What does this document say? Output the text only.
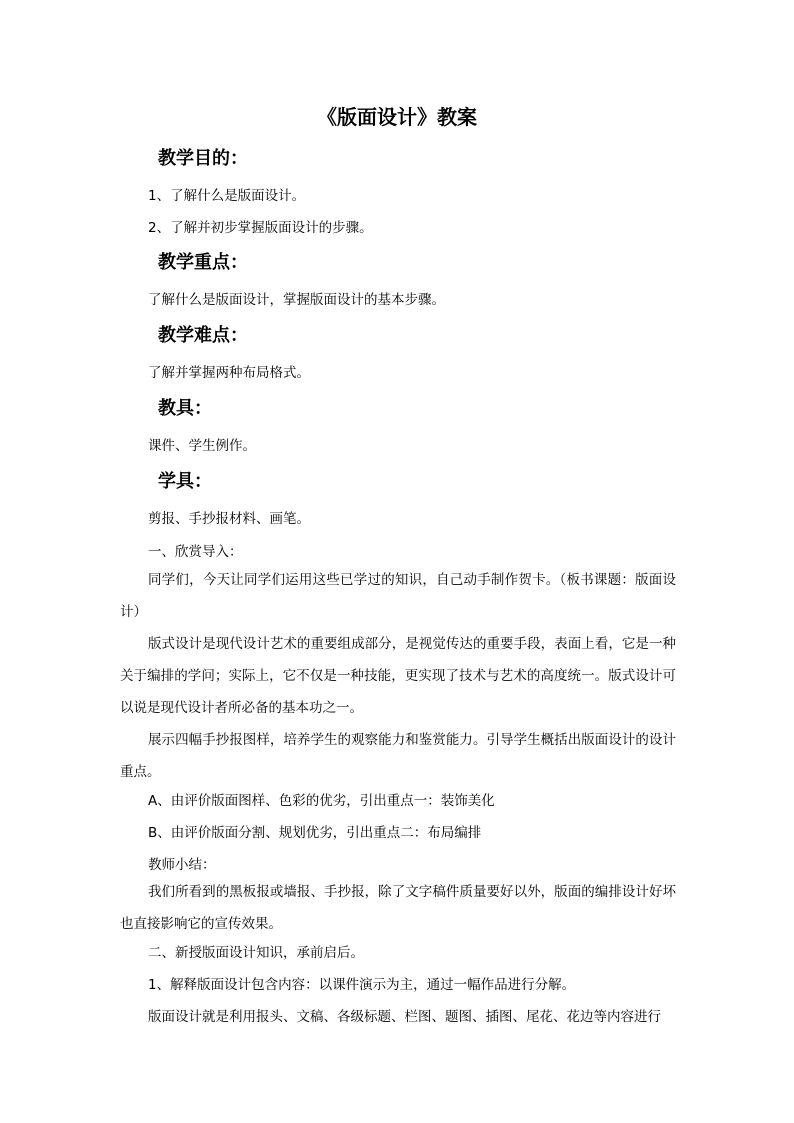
《版面设计》教案
教学目的：
1、了解什么是版面设计。
2、了解并初步掌握版面设计的步骤。
教学重点：
了解什么是版面设计，掌握版面设计的基本步骤。
教学难点：
了解并掌握两种布局格式。
教具：
课件、学生例作。
学具：
剪报、手抄报材料、画笔。
一、欣赏导入：
同学们，今天让同学们运用这些已学过的知识，自己动手制作贺卡。（板书课题：版面设计）
版式设计是现代设计艺术的重要组成部分，是视觉传达的重要手段，表面上看，它是一种关于编排的学问；实际上，它不仅是一种技能，更实现了技术与艺术的高度统一。版式设计可以说是现代设计者所必备的基本功之一。
展示四幅手抄报图样，培养学生的观察能力和鉴赏能力。引导学生概括出版面设计的设计重点。
A、由评价版面图样、色彩的优劣，引出重点一：装饰美化
B、由评价版面分割、规划优劣，引出重点二：布局编排
教师小结：
我们所看到的黑板报或墙报、手抄报，除了文字稿件质量要好以外，版面的编排设计好坏也直接影响它的宣传效果。
二、新授版面设计知识，承前启后。
1、解释版面设计包含内容：以课件演示为主，通过一幅作品进行分解。
版面设计就是利用报头、文稿、各级标题、栏图、题图、插图、尾花、花边等内容进行
